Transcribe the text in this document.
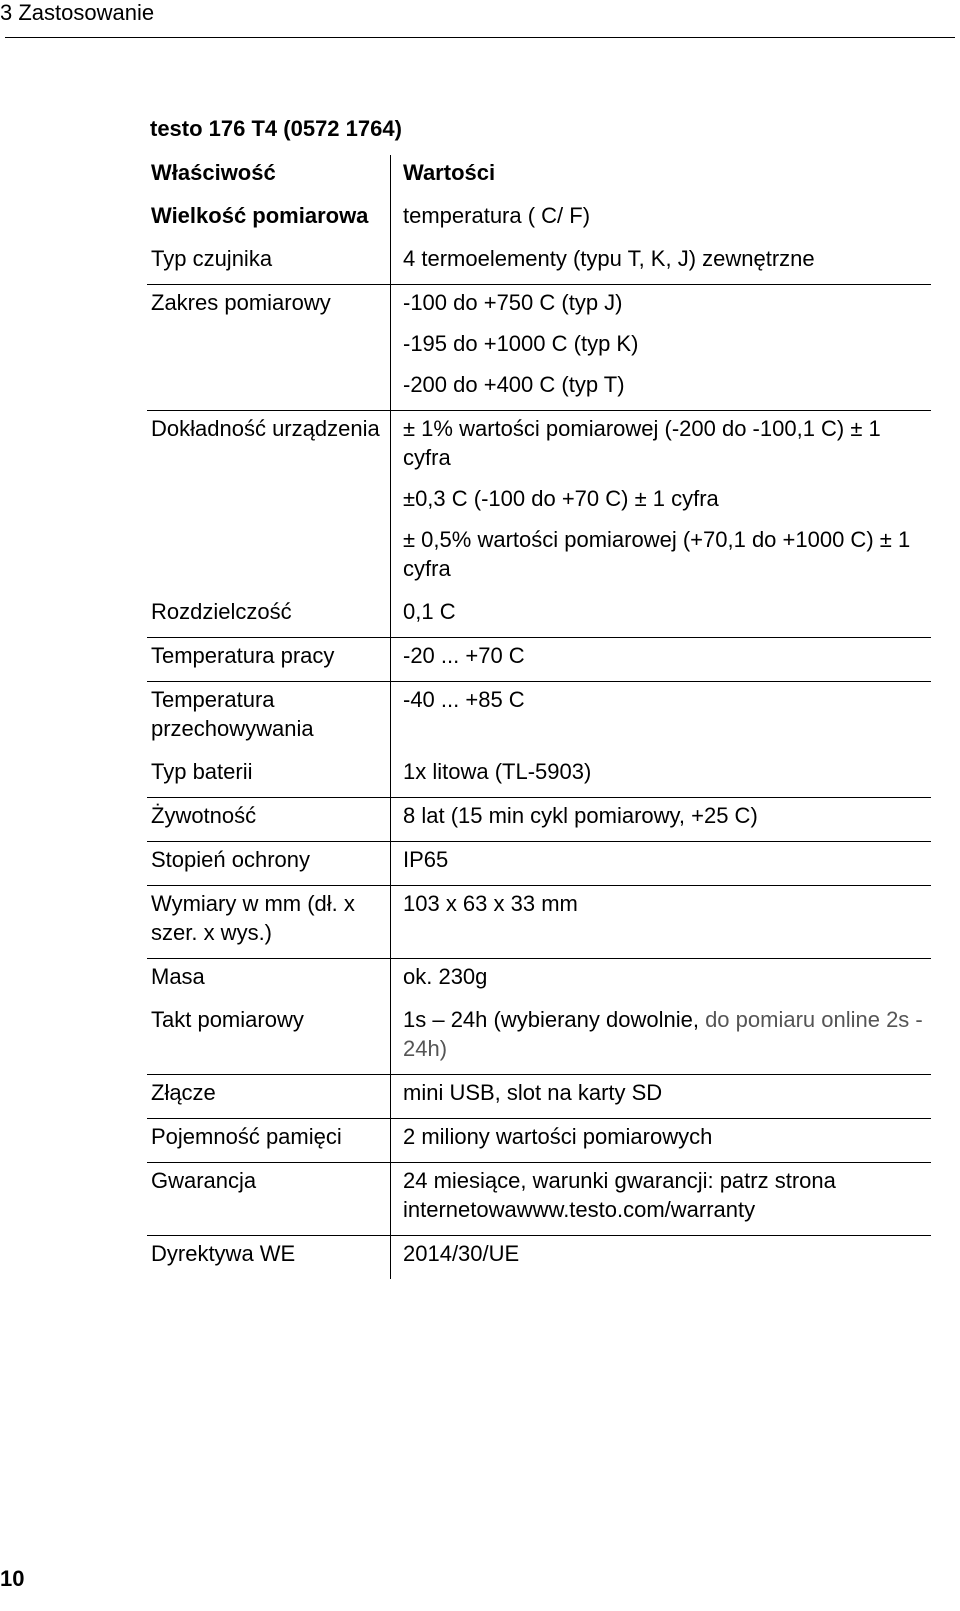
3 Zastosowanie
testo 176 T4 (0572 1764)
Właściwość	Wartości
Wielkość pomiarowa	temperatura ( C/ F)
Typ czujnika	4 termoelementy (typu T, K, J) zewnętrzne
Zakres pomiarowy	-100 do +750 C (typ J)
	-195 do +1000 C (typ K)
	-200 do +400 C (typ T)
Dokładność urządzenia	± 1% wartości pomiarowej (-200 do -100,1 C) ± 1 cyfra
	±0,3 C (-100 do +70 C) ± 1 cyfra
	± 0,5% wartości pomiarowej (+70,1 do +1000 C) ± 1 cyfra
Rozdzielczość	0,1 C
Temperatura pracy	-20 ... +70 C
Temperatura przechowywania	-40 ... +85 C
Typ baterii	1x litowa (TL-5903)
Żywotność	8 lat (15 min cykl pomiarowy, +25 C)
Stopień ochrony	IP65
Wymiary w mm (dł. x szer. x wys.)	103 x 63 x 33 mm
Masa	ok. 230g
Takt pomiarowy	1s – 24h (wybierany dowolnie, do pomiaru online 2s - 24h)
Złącze	mini USB, slot na karty SD
Pojemność pamięci	2 miliony wartości pomiarowych
Gwarancja	24 miesiące, warunki gwarancji: patrz strona internetowawww.testo.com/warranty
Dyrektywa WE	2014/30/UE
10
